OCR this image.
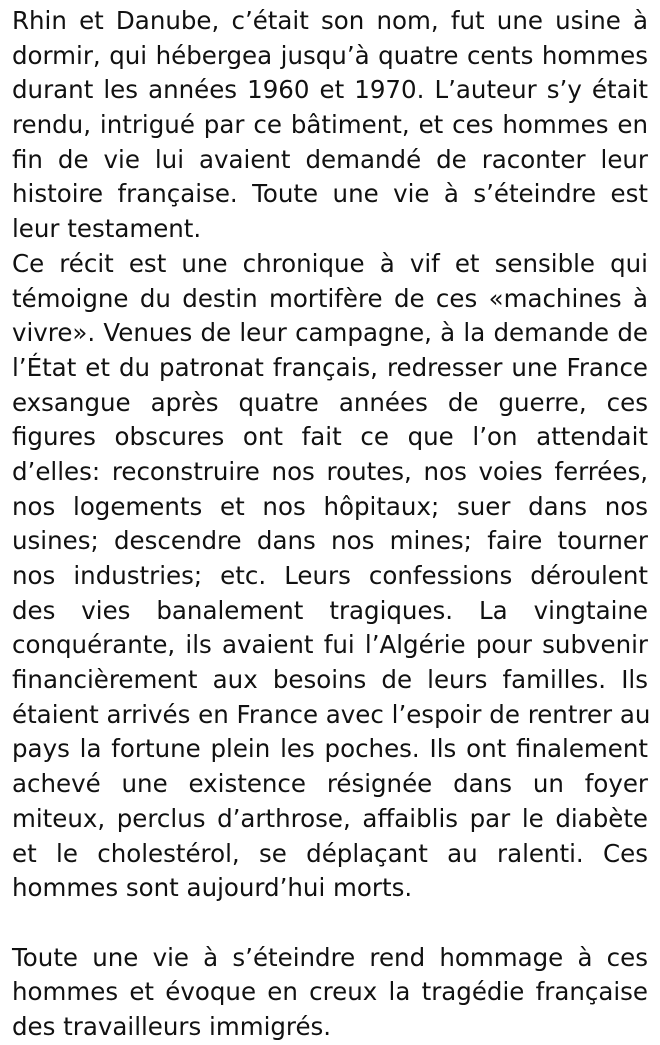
Rhin et Danube, c’était son nom, fut une usine à
dormir, qui hébergea jusqu’à quatre cents hommes
durant les années 1960 et 1970. L’auteur s’y était
rendu, intrigué par ce bâtiment, et ces hommes en
fin de vie lui avaient demandé de raconter leur
histoire française. Toute une vie à s’éteindre est
leur testament.
Ce récit est une chronique à vif et sensible qui
témoigne du destin mortifère de ces «machines à
vivre». Venues de leur campagne, à la demande de
l’État et du patronat français, redresser une France
exsangue après quatre années de guerre, ces
figures obscures ont fait ce que l’on attendait
d’elles: reconstruire nos routes, nos voies ferrées,
nos logements et nos hôpitaux; suer dans nos
usines; descendre dans nos mines; faire tourner
nos industries; etc. Leurs confessions déroulent
des vies banalement tragiques. La vingtaine
conquérante, ils avaient fui l’Algérie pour subvenir
financièrement aux besoins de leurs familles. Ils
étaient arrivés en France avec l’espoir de rentrer au
pays la fortune plein les poches. Ils ont finalement
achevé une existence résignée dans un foyer
miteux, perclus d’arthrose, affaiblis par le diabète
et le cholestérol, se déplaçant au ralenti. Ces
hommes sont aujourd’hui morts.
Toute une vie à s’éteindre rend hommage à ces
hommes et évoque en creux la tragédie française
des travailleurs immigrés.
